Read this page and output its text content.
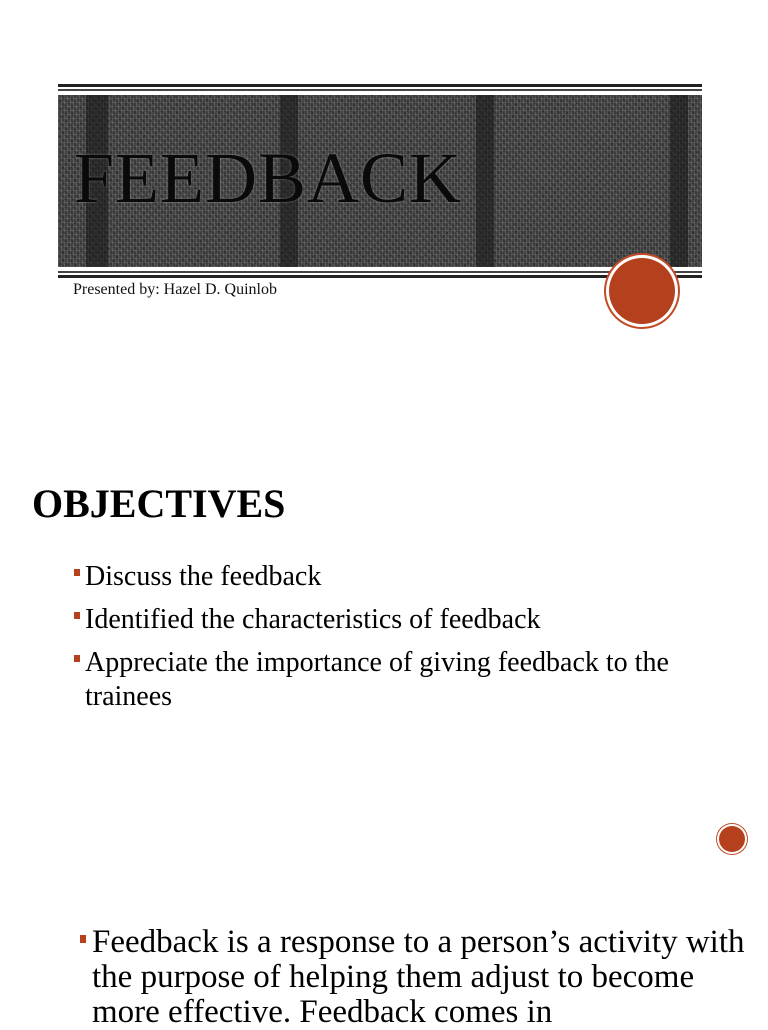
FEEDBACK
Presented by: Hazel D. Quinlob
OBJECTIVES
Discuss the feedback
Identified the characteristics of feedback
Appreciate the importance of giving feedback to the trainees
Feedback is a response to a person’s activity with the purpose of helping them adjust to become more effective. Feedback comes in
